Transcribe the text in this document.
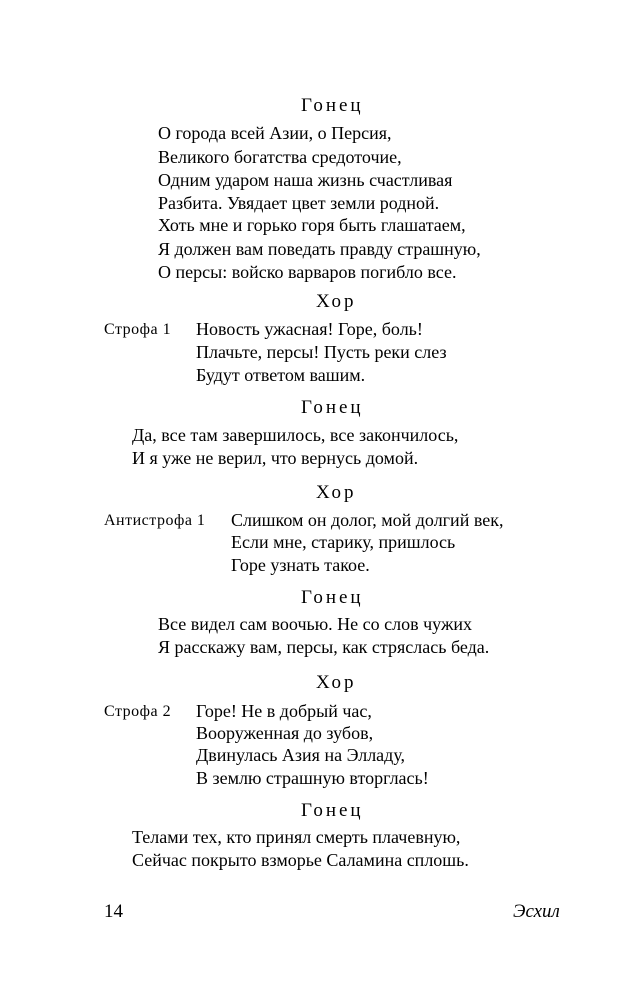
Гонец
О города всей Азии, о Персия,
Великого богатства средоточие,
Одним ударом наша жизнь счастливая
Разбита. Увядает цвет земли родной.
Хоть мне и горько горя быть глашатаем,
Я должен вам поведать правду страшную,
О персы: войско варваров погибло все.
Хор
Строфа 1 Новость ужасная! Горе, боль!
Плачьте, персы! Пусть реки слез
Будут ответом вашим.
Гонец
Да, все там завершилось, все закончилось,
И я уже не верил, что вернусь домой.
Хор
Антистрофа 1 Слишком он долог, мой долгий век,
Если мне, старику, пришлось
Горе узнать такое.
Гонец
Все видел сам воочью. Не со слов чужих
Я расскажу вам, персы, как стряслась беда.
Хор
Строфа 2 Горе! Не в добрый час,
Вооруженная до зубов,
Двинулась Азия на Элладу,
В землю страшную вторглась!
Гонец
Телами тех, кто принял смерть плачевную,
Сейчас покрыто взморье Саламина сплошь.
14	Эсхил
